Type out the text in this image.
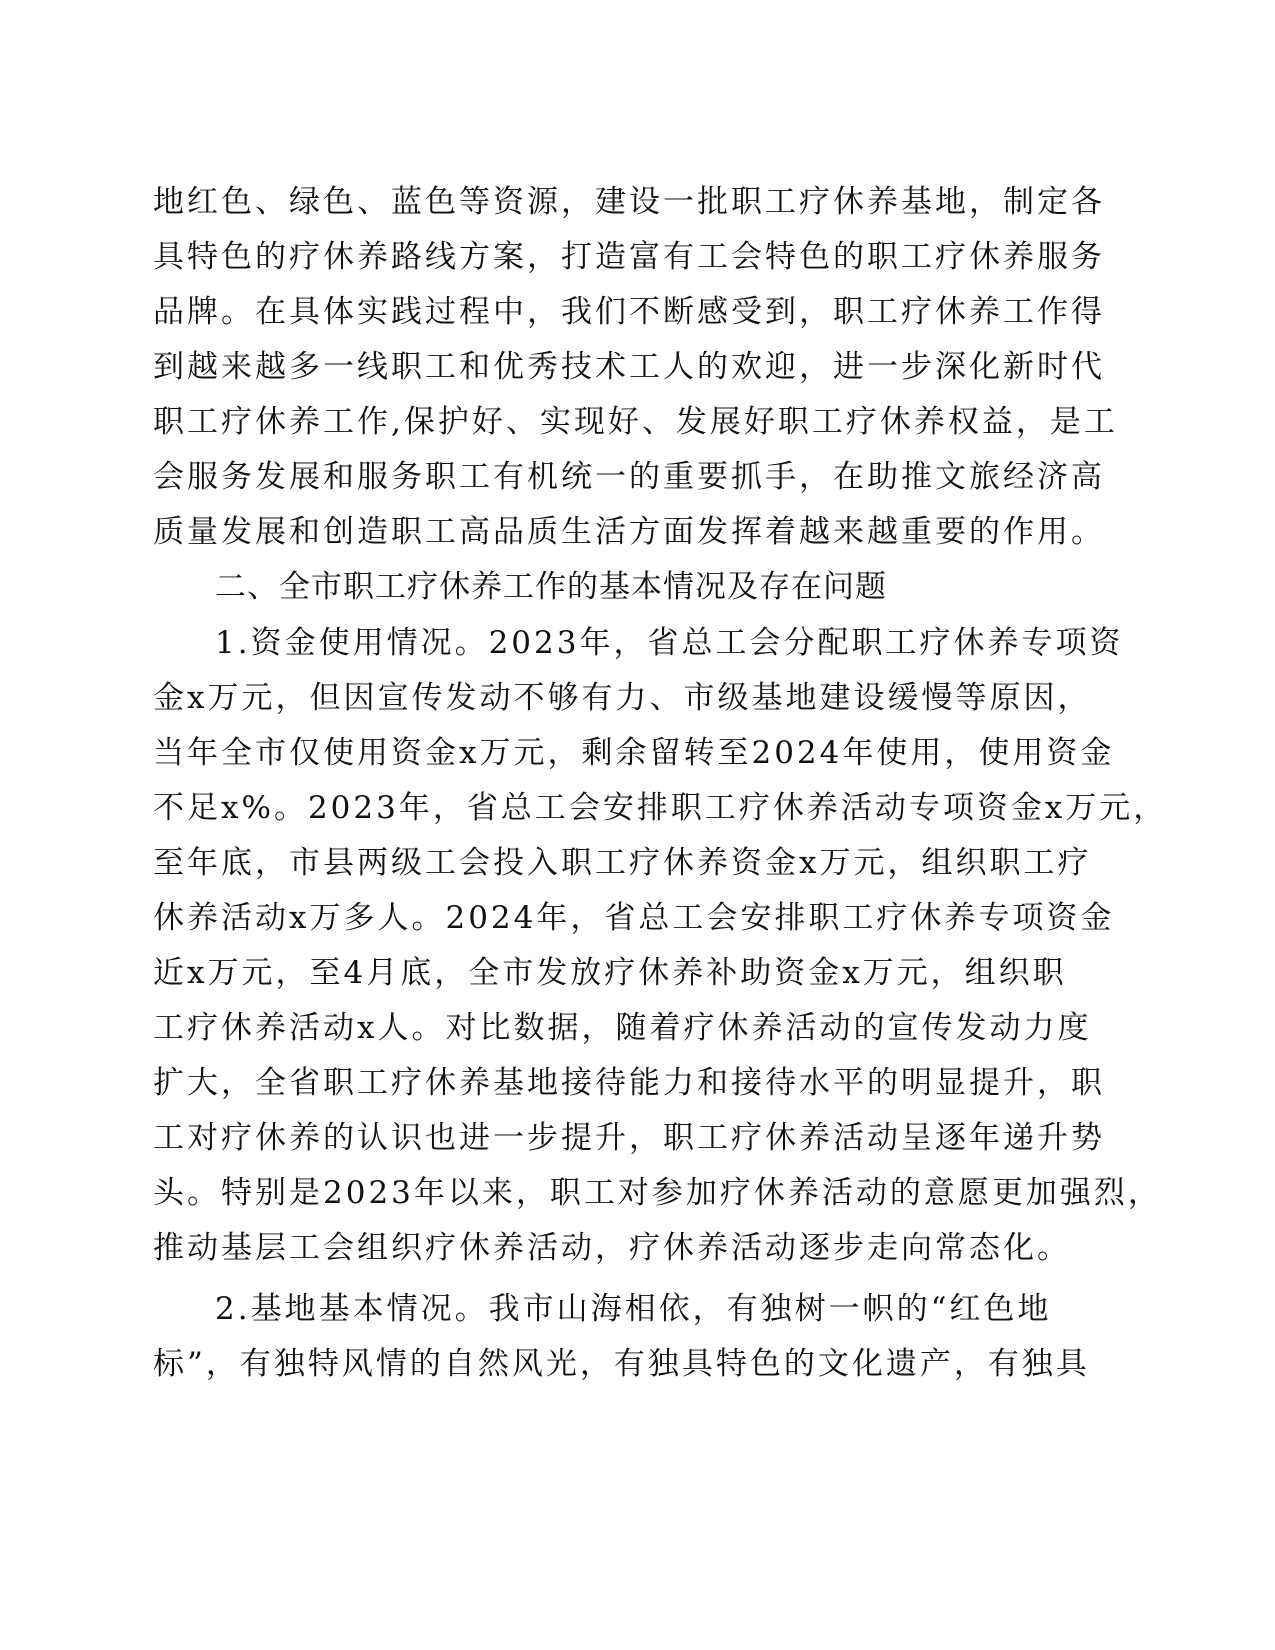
地红色、绿色、蓝色等资源，建设一批职工疗休养基地，制定各
具特色的疗休养路线方案，打造富有工会特色的职工疗休养服务
品牌。在具体实践过程中，我们不断感受到，职工疗休养工作得
到越来越多一线职工和优秀技术工人的欢迎，进一步深化新时代
职工疗休养工作,保护好、实现好、发展好职工疗休养权益，是工
会服务发展和服务职工有机统一的重要抓手，在助推文旅经济高
质量发展和创造职工高品质生活方面发挥着越来越重要的作用。
二、全市职工疗休养工作的基本情况及存在问题
1.资金使用情况。2023年，省总工会分配职工疗休养专项资
金x万元，但因宣传发动不够有力、市级基地建设缓慢等原因，
当年全市仅使用资金x万元，剩余留转至2024年使用，使用资金
不足x%。2023年，省总工会安排职工疗休养活动专项资金x万元，
至年底，市县两级工会投入职工疗休养资金x万元，组织职工疗
休养活动x万多人。2024年，省总工会安排职工疗休养专项资金
近x万元，至4月底，全市发放疗休养补助资金x万元，组织职
工疗休养活动x人。对比数据，随着疗休养活动的宣传发动力度
扩大，全省职工疗休养基地接待能力和接待水平的明显提升，职
工对疗休养的认识也进一步提升，职工疗休养活动呈逐年递升势
头。特别是2023年以来，职工对参加疗休养活动的意愿更加强烈，
推动基层工会组织疗休养活动，疗休养活动逐步走向常态化。
2.基地基本情况。我市山海相依，有独树一帜的“红色地
标”，有独特风情的自然风光，有独具特色的文化遗产，有独具
